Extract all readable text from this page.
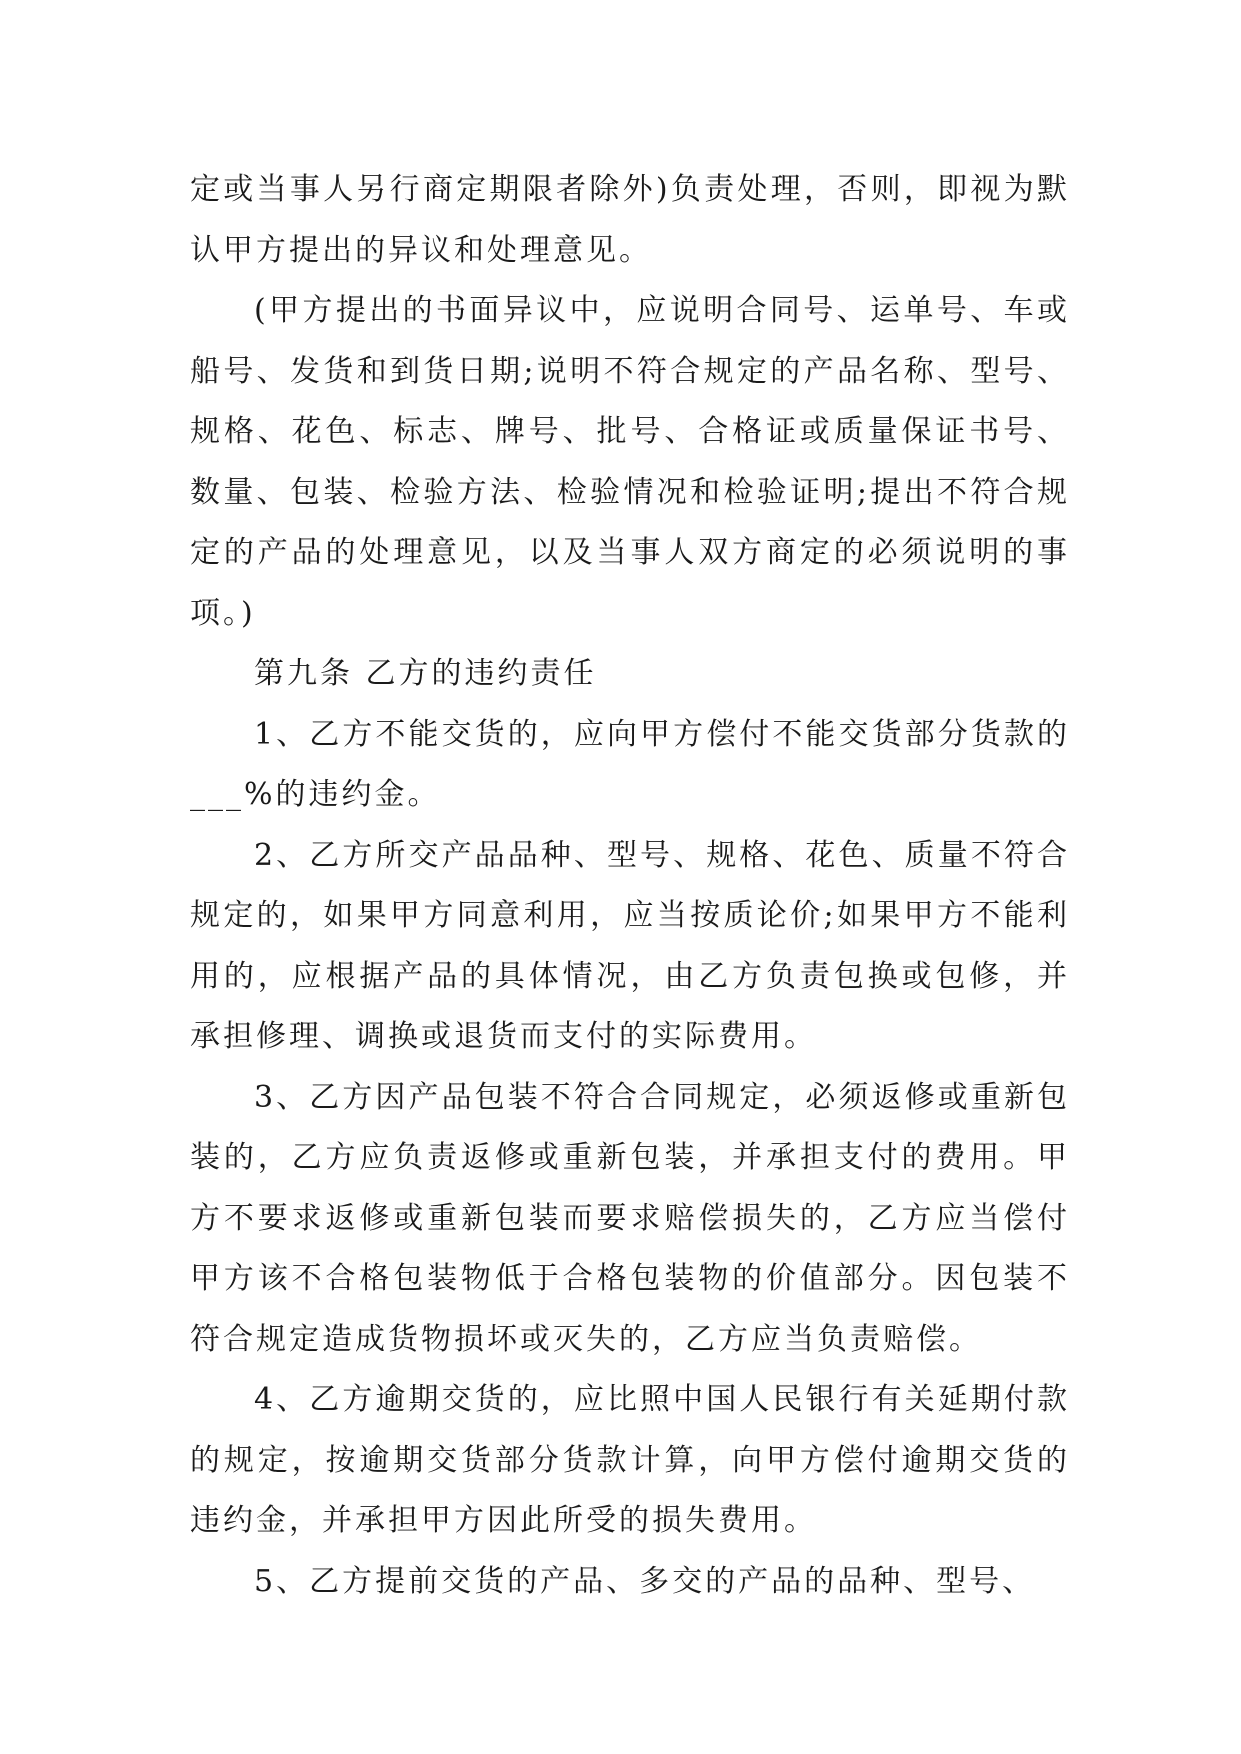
定或当事人另行商定期限者除外)负责处理，否则，即视为默认甲方提出的异议和处理意见。

(甲方提出的书面异议中，应说明合同号、运单号、车或船号、发货和到货日期;说明不符合规定的产品名称、型号、规格、花色、标志、牌号、批号、合格证或质量保证书号、数量、包装、检验方法、检验情况和检验证明;提出不符合规定的产品的处理意见，以及当事人双方商定的必须说明的事项。)

第九条 乙方的违约责任

1、乙方不能交货的，应向甲方偿付不能交货部分货款的___%的违约金。

2、乙方所交产品品种、型号、规格、花色、质量不符合规定的，如果甲方同意利用，应当按质论价;如果甲方不能利用的，应根据产品的具体情况，由乙方负责包换或包修，并承担修理、调换或退货而支付的实际费用。

3、乙方因产品包装不符合合同规定，必须返修或重新包装的，乙方应负责返修或重新包装，并承担支付的费用。甲方不要求返修或重新包装而要求赔偿损失的，乙方应当偿付甲方该不合格包装物低于合格包装物的价值部分。因包装不符合规定造成货物损坏或灭失的，乙方应当负责赔偿。

4、乙方逾期交货的，应比照中国人民银行有关延期付款的规定，按逾期交货部分货款计算，向甲方偿付逾期交货的违约金，并承担甲方因此所受的损失费用。

5、乙方提前交货的产品、多交的产品的品种、型号、
